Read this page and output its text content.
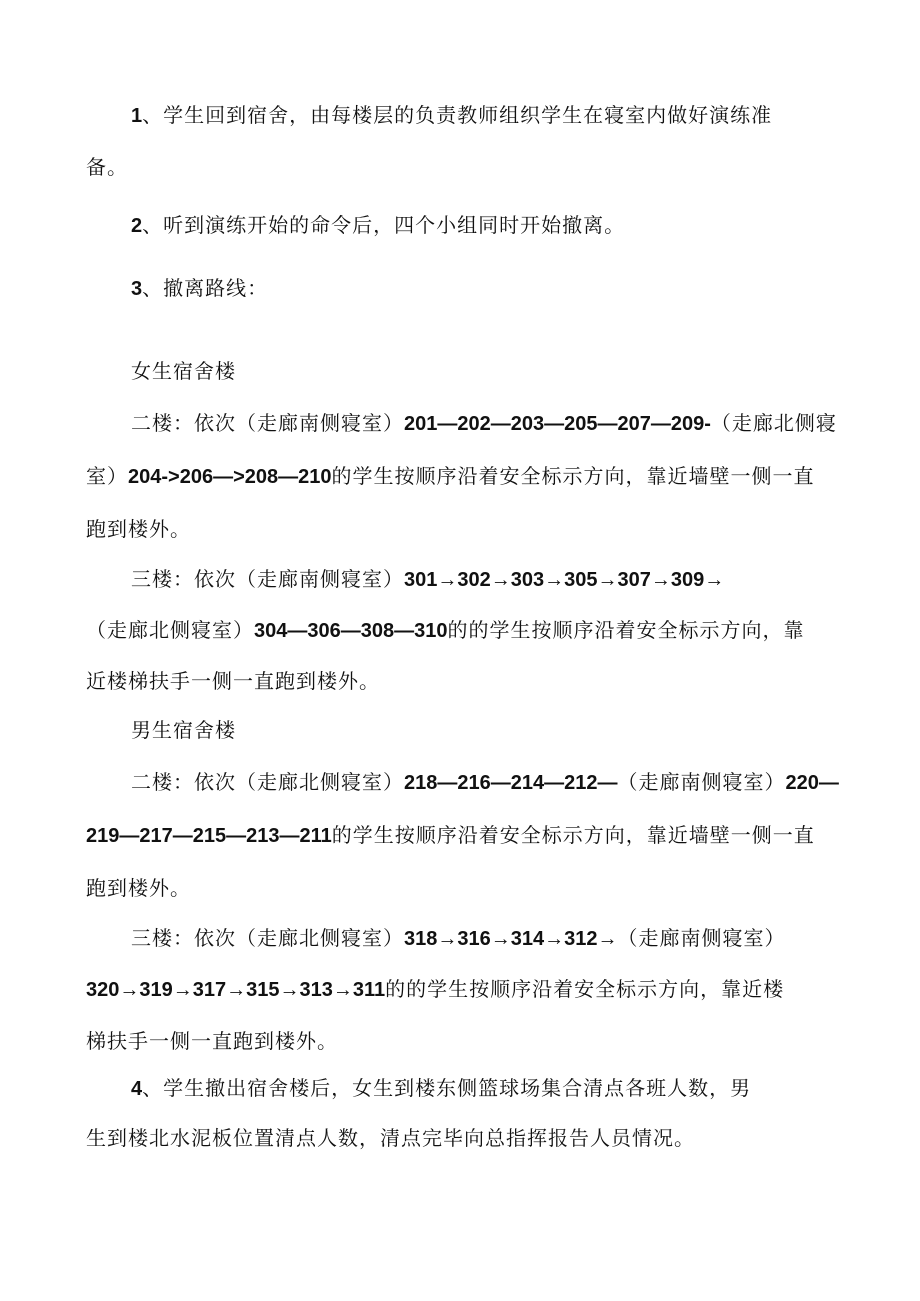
1、学生回到宿舍，由每楼层的负责教师组织学生在寝室内做好演练准
备。
2、听到演练开始的命令后，四个小组同时开始撤离。
3、撤离路线：
女生宿舍楼
二楼：依次（走廊南侧寝室）201—202—203—205—207—209-（走廊北侧寝
室）204->206—>208—210的学生按顺序沿着安全标示方向，靠近墙壁一侧一直
跑到楼外。
三楼：依次（走廊南侧寝室）301→302→303→305→307→309→
（走廊北侧寝室）304—306—308—310的的学生按顺序沿着安全标示方向，靠
近楼梯扶手一侧一直跑到楼外。
男生宿舍楼
二楼：依次（走廊北侧寝室）218—216—214—212—（走廊南侧寝室）220—
219—217—215—213—211的学生按顺序沿着安全标示方向，靠近墙壁一侧一直
跑到楼外。
三楼：依次（走廊北侧寝室）318→316→314→312→（走廊南侧寝室）
320→319→317→315→313→311的的学生按顺序沿着安全标示方向，靠近楼
梯扶手一侧一直跑到楼外。
4、学生撤出宿舍楼后，女生到楼东侧篮球场集合清点各班人数，男
生到楼北水泥板位置清点人数，清点完毕向总指挥报告人员情况。
